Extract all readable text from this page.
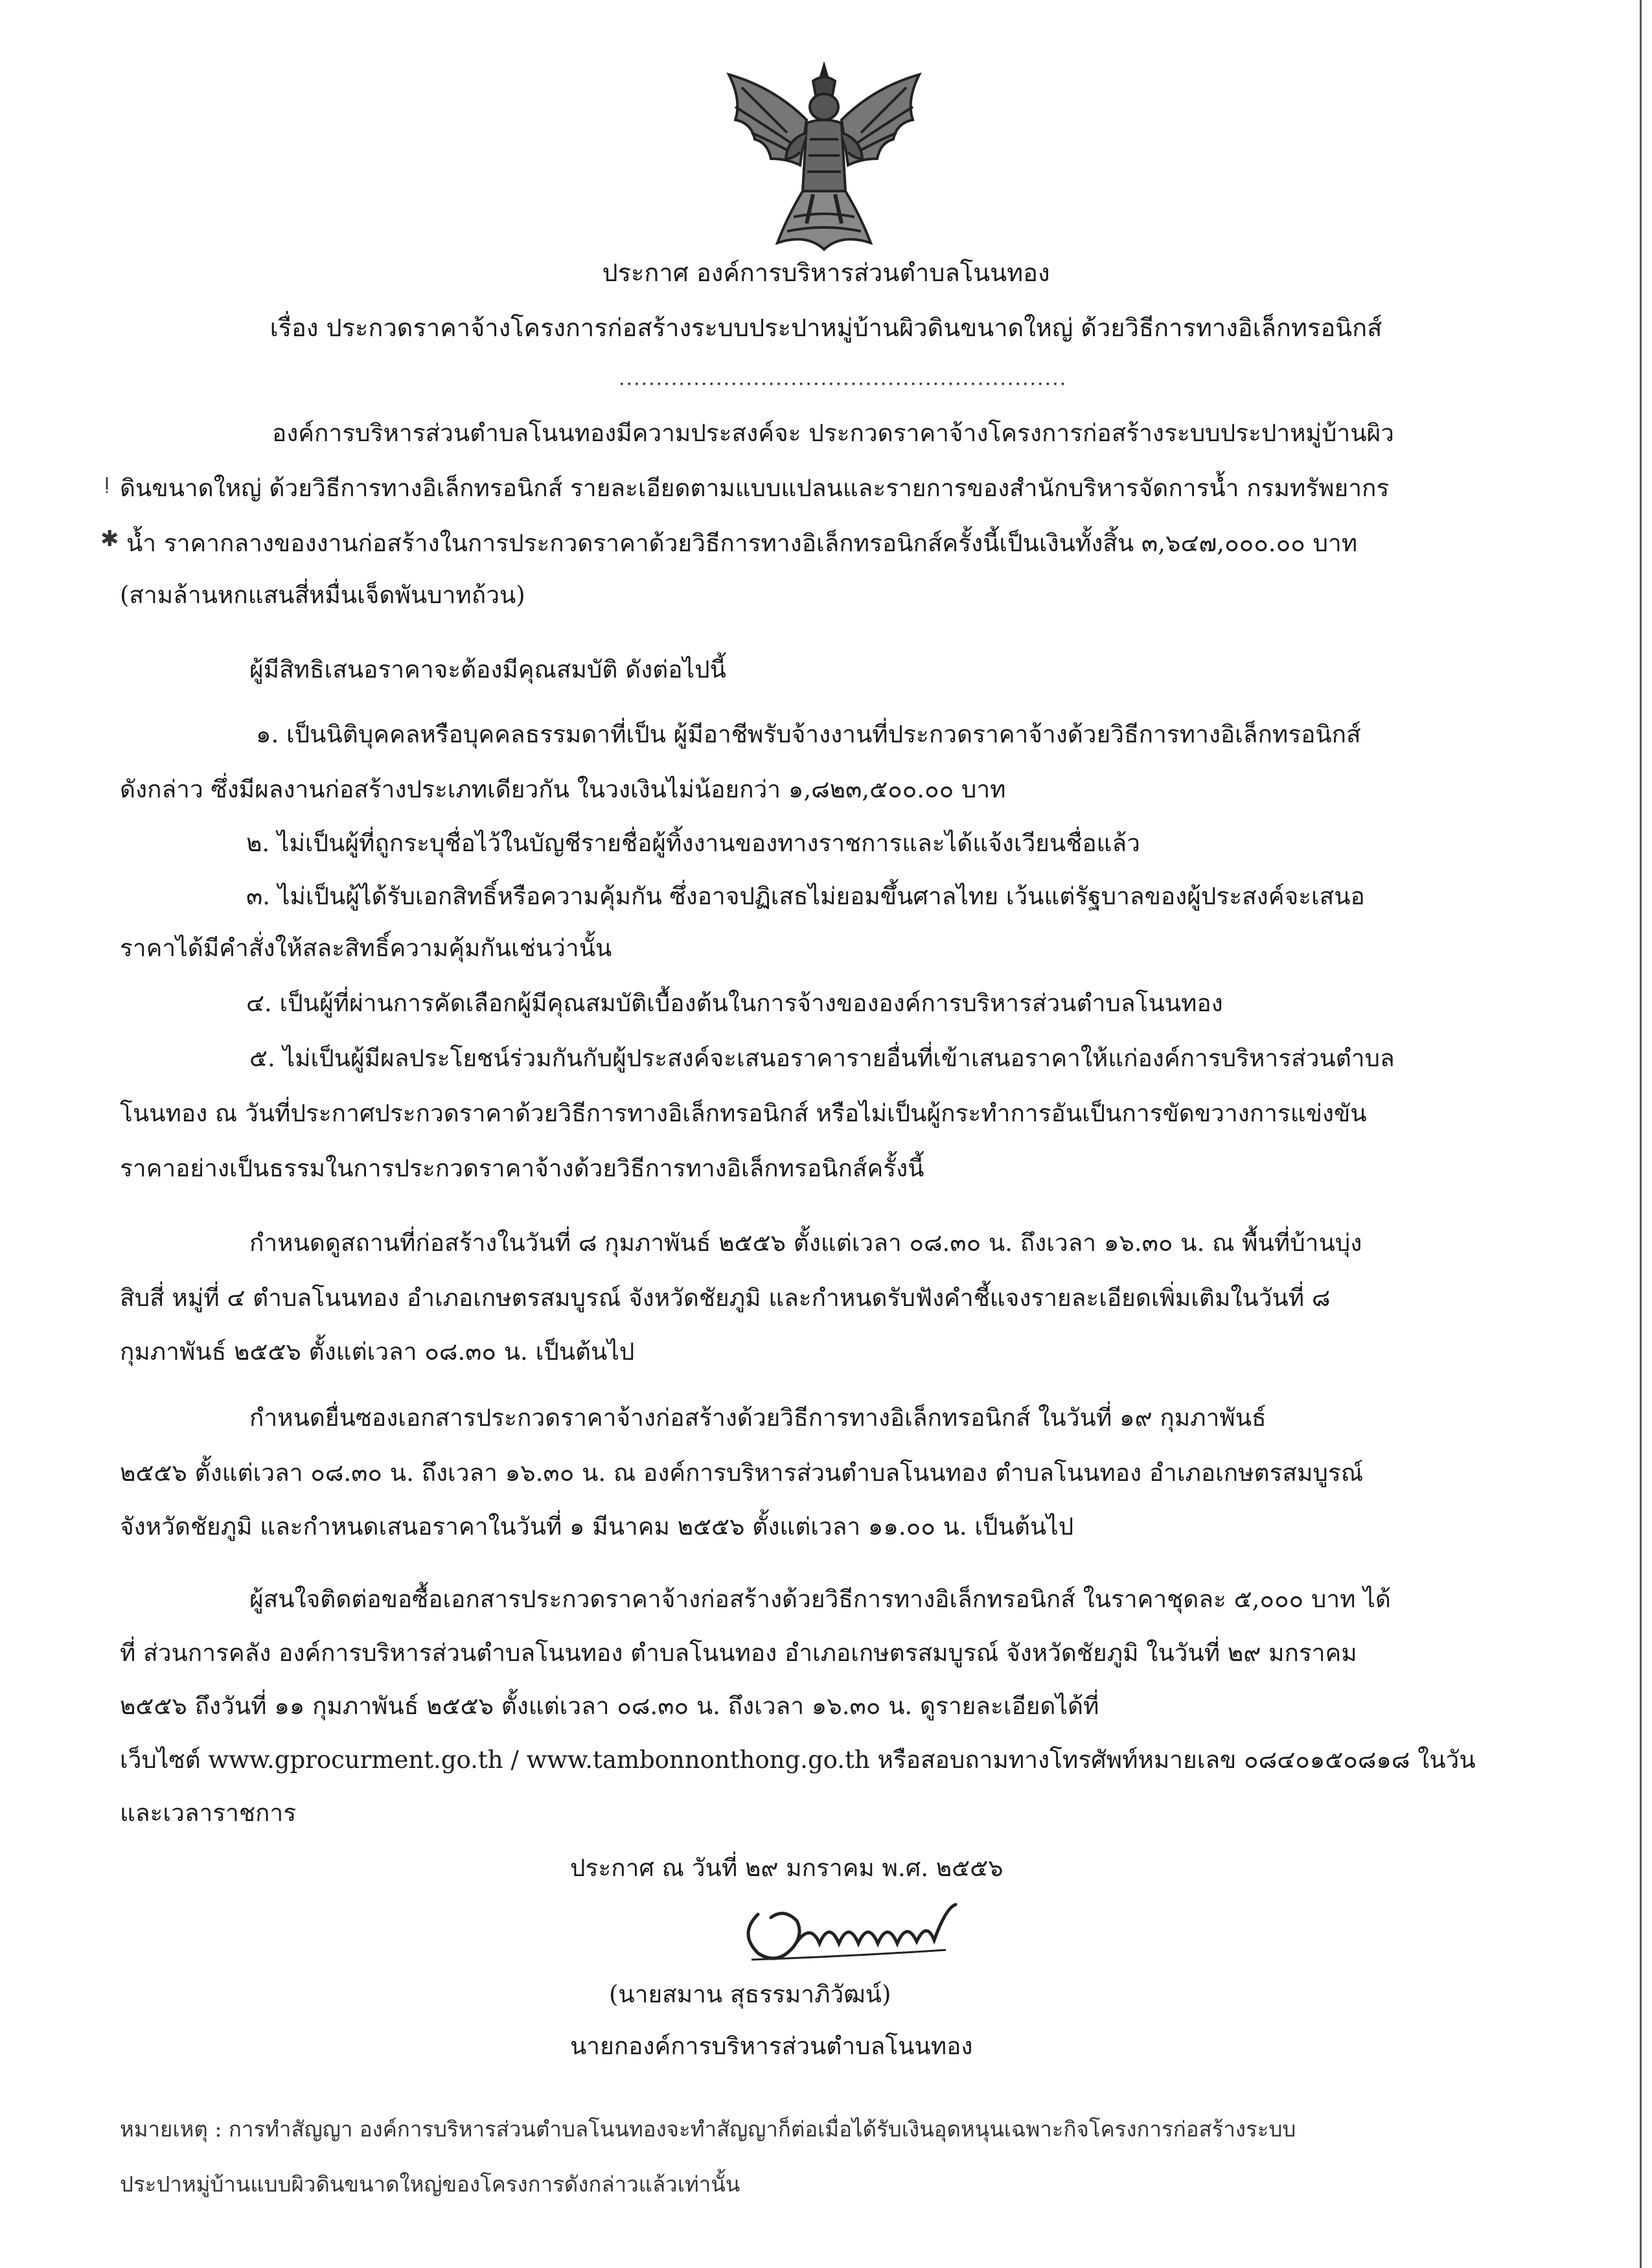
ประกาศ องค์การบริหารส่วนตำบลโนนทอง
เรื่อง ประกวดราคาจ้างโครงการก่อสร้างระบบประปาหมู่บ้านผิวดินขนาดใหญ่ ด้วยวิธีการทางอิเล็กทรอนิกส์
............................................................
องค์การบริหารส่วนตำบลโนนทองมีความประสงค์จะ ประกวดราคาจ้างโครงการก่อสร้างระบบประปาหมู่บ้านผิว
ǃ ดินขนาดใหญ่ ด้วยวิธีการทางอิเล็กทรอนิกส์ รายละเอียดตามแบบแปลนและรายการของสำนักบริหารจัดการน้ำ กรมทรัพยากร
✱ น้ำ ราคากลางของงานก่อสร้างในการประกวดราคาด้วยวิธีการทางอิเล็กทรอนิกส์ครั้งนี้เป็นเงินทั้งสิ้น ๓,๖๔๗,๐๐๐.๐๐ บาท
(สามล้านหกแสนสี่หมื่นเจ็ดพันบาทถ้วน)
ผู้มีสิทธิเสนอราคาจะต้องมีคุณสมบัติ ดังต่อไปนี้
๑. เป็นนิติบุคคลหรือบุคคลธรรมดาที่เป็น ผู้มีอาชีพรับจ้างงานที่ประกวดราคาจ้างด้วยวิธีการทางอิเล็กทรอนิกส์
ดังกล่าว ซึ่งมีผลงานก่อสร้างประเภทเดียวกัน ในวงเงินไม่น้อยกว่า ๑,๘๒๓,๕๐๐.๐๐ บาท
๒. ไม่เป็นผู้ที่ถูกระบุชื่อไว้ในบัญชีรายชื่อผู้ทิ้งงานของทางราชการและได้แจ้งเวียนชื่อแล้ว
๓. ไม่เป็นผู้ได้รับเอกสิทธิ์หรือความคุ้มกัน ซึ่งอาจปฏิเสธไม่ยอมขึ้นศาลไทย เว้นแต่รัฐบาลของผู้ประสงค์จะเสนอ
ราคาได้มีคำสั่งให้สละสิทธิ์ความคุ้มกันเช่นว่านั้น
๔. เป็นผู้ที่ผ่านการคัดเลือกผู้มีคุณสมบัติเบื้องต้นในการจ้างขององค์การบริหารส่วนตำบลโนนทอง
๕. ไม่เป็นผู้มีผลประโยชน์ร่วมกันกับผู้ประสงค์จะเสนอราคารายอื่นที่เข้าเสนอราคาให้แก่องค์การบริหารส่วนตำบล
โนนทอง ณ วันที่ประกาศประกวดราคาด้วยวิธีการทางอิเล็กทรอนิกส์ หรือไม่เป็นผู้กระทำการอันเป็นการขัดขวางการแข่งขัน
ราคาอย่างเป็นธรรมในการประกวดราคาจ้างด้วยวิธีการทางอิเล็กทรอนิกส์ครั้งนี้
กำหนดดูสถานที่ก่อสร้างในวันที่ ๘ กุมภาพันธ์ ๒๕๕๖ ตั้งแต่เวลา ๐๘.๓๐ น. ถึงเวลา ๑๖.๓๐ น. ณ พื้นที่บ้านบุ่ง
สิบสี่ หมู่ที่ ๔ ตำบลโนนทอง อำเภอเกษตรสมบูรณ์ จังหวัดชัยภูมิ และกำหนดรับฟังคำชี้แจงรายละเอียดเพิ่มเติมในวันที่ ๘
กุมภาพันธ์ ๒๕๕๖ ตั้งแต่เวลา ๐๘.๓๐ น. เป็นต้นไป
กำหนดยื่นซองเอกสารประกวดราคาจ้างก่อสร้างด้วยวิธีการทางอิเล็กทรอนิกส์ ในวันที่ ๑๙ กุมภาพันธ์
๒๕๕๖ ตั้งแต่เวลา ๐๘.๓๐ น. ถึงเวลา ๑๖.๓๐ น. ณ องค์การบริหารส่วนตำบลโนนทอง ตำบลโนนทอง อำเภอเกษตรสมบูรณ์
จังหวัดชัยภูมิ และกำหนดเสนอราคาในวันที่ ๑ มีนาคม ๒๕๕๖ ตั้งแต่เวลา ๑๑.๐๐ น. เป็นต้นไป
ผู้สนใจติดต่อขอซื้อเอกสารประกวดราคาจ้างก่อสร้างด้วยวิธีการทางอิเล็กทรอนิกส์ ในราคาชุดละ ๕,๐๐๐ บาท ได้
ที่ ส่วนการคลัง องค์การบริหารส่วนตำบลโนนทอง ตำบลโนนทอง อำเภอเกษตรสมบูรณ์ จังหวัดชัยภูมิ ในวันที่ ๒๙ มกราคม
๒๕๕๖ ถึงวันที่ ๑๑ กุมภาพันธ์ ๒๕๕๖ ตั้งแต่เวลา ๐๘.๓๐ น. ถึงเวลา ๑๖.๓๐ น. ดูรายละเอียดได้ที่
เว็บไซต์ www.gprocurment.go.th / www.tambonnonthong.go.th หรือสอบถามทางโทรศัพท์หมายเลข ๐๘๔๐๑๕๐๘๑๘ ในวัน
และเวลาราชการ
ประกาศ ณ วันที่ ๒๙ มกราคม พ.ศ. ๒๕๕๖
(นายสมาน สุธรรมาภิวัฒน์)
นายกองค์การบริหารส่วนตำบลโนนทอง
หมายเหตุ : การทำสัญญา องค์การบริหารส่วนตำบลโนนทองจะทำสัญญาก็ต่อเมื่อได้รับเงินอุดหนุนเฉพาะกิจโครงการก่อสร้างระบบ
ประปาหมู่บ้านแบบผิวดินขนาดใหญ่ของโครงการดังกล่าวแล้วเท่านั้น
